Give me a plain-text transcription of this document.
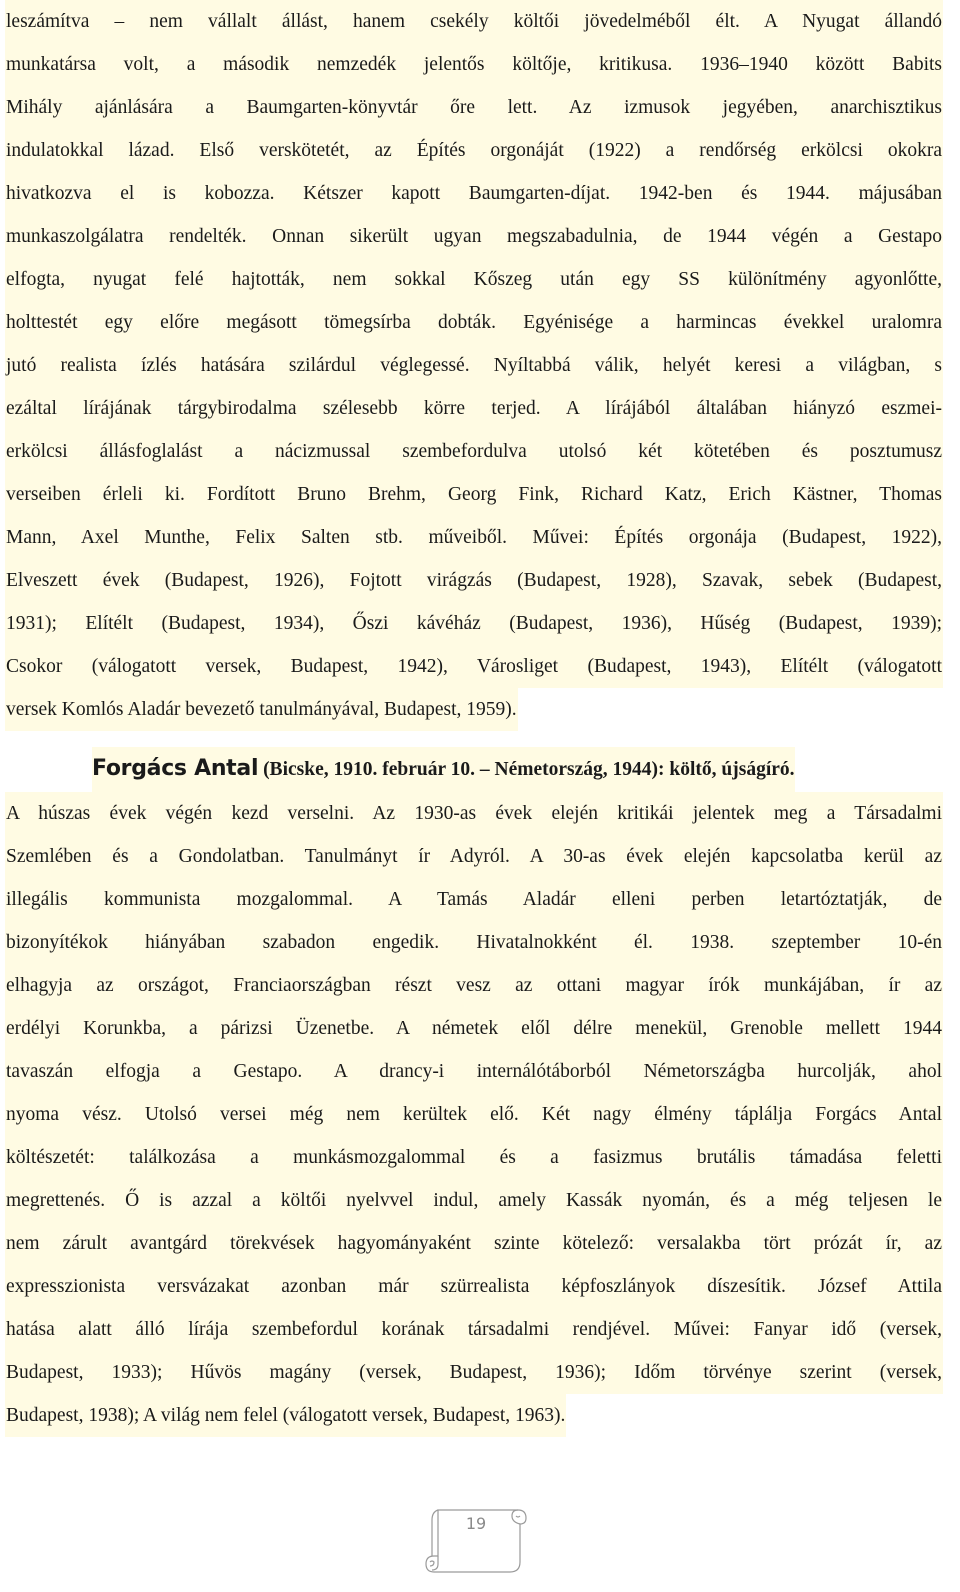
leszámítva – nem vállalt állást, hanem csekély költői jövedelméből élt. A Nyugat állandó
munkatársa volt, a második nemzedék jelentős költője, kritikusa. 1936–1940 között Babits
Mihály ajánlására a Baumgarten-könyvtár őre lett. Az izmusok jegyében, anarchisztikus
indulatokkal lázad. Első verskötetét, az Építés orgonáját (1922) a rendőrség erkölcsi okokra
hivatkozva el is kobozza. Kétszer kapott Baumgarten-díjat. 1942-ben és 1944. májusában
munkaszolgálatra rendelték. Onnan sikerült ugyan megszabadulnia, de 1944 végén a Gestapo
elfogta, nyugat felé hajtották, nem sokkal Kőszeg után egy SS különítmény agyonlőtte,
holttestét egy előre megásott tömegsírba dobták. Egyénisége a harmincas évekkel uralomra
jutó realista ízlés hatására szilárdul véglegessé. Nyíltabbá válik, helyét keresi a világban, s
ezáltal lírájának tárgybirodalma szélesebb körre terjed. A lírájából általában hiányzó eszmei-
erkölcsi állásfoglalást a nácizmussal szembefordulva utolsó két kötetében és posztumusz
verseiben érleli ki. Fordított Bruno Brehm, Georg Fink, Richard Katz, Erich Kästner, Thomas
Mann, Axel Munthe, Felix Salten stb. műveiből. Művei: Építés orgonája (Budapest, 1922),
Elveszett évek (Budapest, 1926), Fojtott virágzás (Budapest, 1928), Szavak, sebek (Budapest,
1931); Elítélt (Budapest, 1934), Őszi kávéház (Budapest, 1936), Hűség (Budapest, 1939);
Csokor (válogatott versek, Budapest, 1942), Városliget (Budapest, 1943), Elítélt (válogatott
versek Komlós Aladár bevezető tanulmányával, Budapest, 1959).
Forgács Antal (Bicske, 1910. február 10. – Németország, 1944): költő, újságíró.
A húszas évek végén kezd verselni. Az 1930-as évek elején kritikái jelentek meg a Társadalmi
Szemlében és a Gondolatban. Tanulmányt ír Adyról. A 30-as évek elején kapcsolatba kerül az
illegális kommunista mozgalommal. A Tamás Aladár elleni perben letartóztatják, de
bizonyítékok hiányában szabadon engedik. Hivatalnokként él. 1938. szeptember 10-én
elhagyja az országot, Franciaországban részt vesz az ottani magyar írók munkájában, ír az
erdélyi Korunkba, a párizsi Üzenetbe. A németek elől délre menekül, Grenoble mellett 1944
tavaszán elfogja a Gestapo. A drancy-i internálótáborból Németországba hurcolják, ahol
nyoma vész. Utolsó versei még nem kerültek elő. Két nagy élmény táplálja Forgács Antal
költészetét: találkozása a munkásmozgalommal és a fasizmus brutális támadása feletti
megrettenés. Ő is azzal a költői nyelvvel indul, amely Kassák nyomán, és a még teljesen le
nem zárult avantgárd törekvések hagyományaként szinte kötelező: versalakba tört prózát ír, az
expresszionista versvázakat azonban már szürrealista képfoszlányok díszesítik. József Attila
hatása alatt álló lírája szembefordul korának társadalmi rendjével. Művei: Fanyar idő (versek,
Budapest, 1933); Hűvös magány (versek, Budapest, 1936); Időm törvénye szerint (versek,
Budapest, 1938); A világ nem felel (válogatott versek, Budapest, 1963).
19
